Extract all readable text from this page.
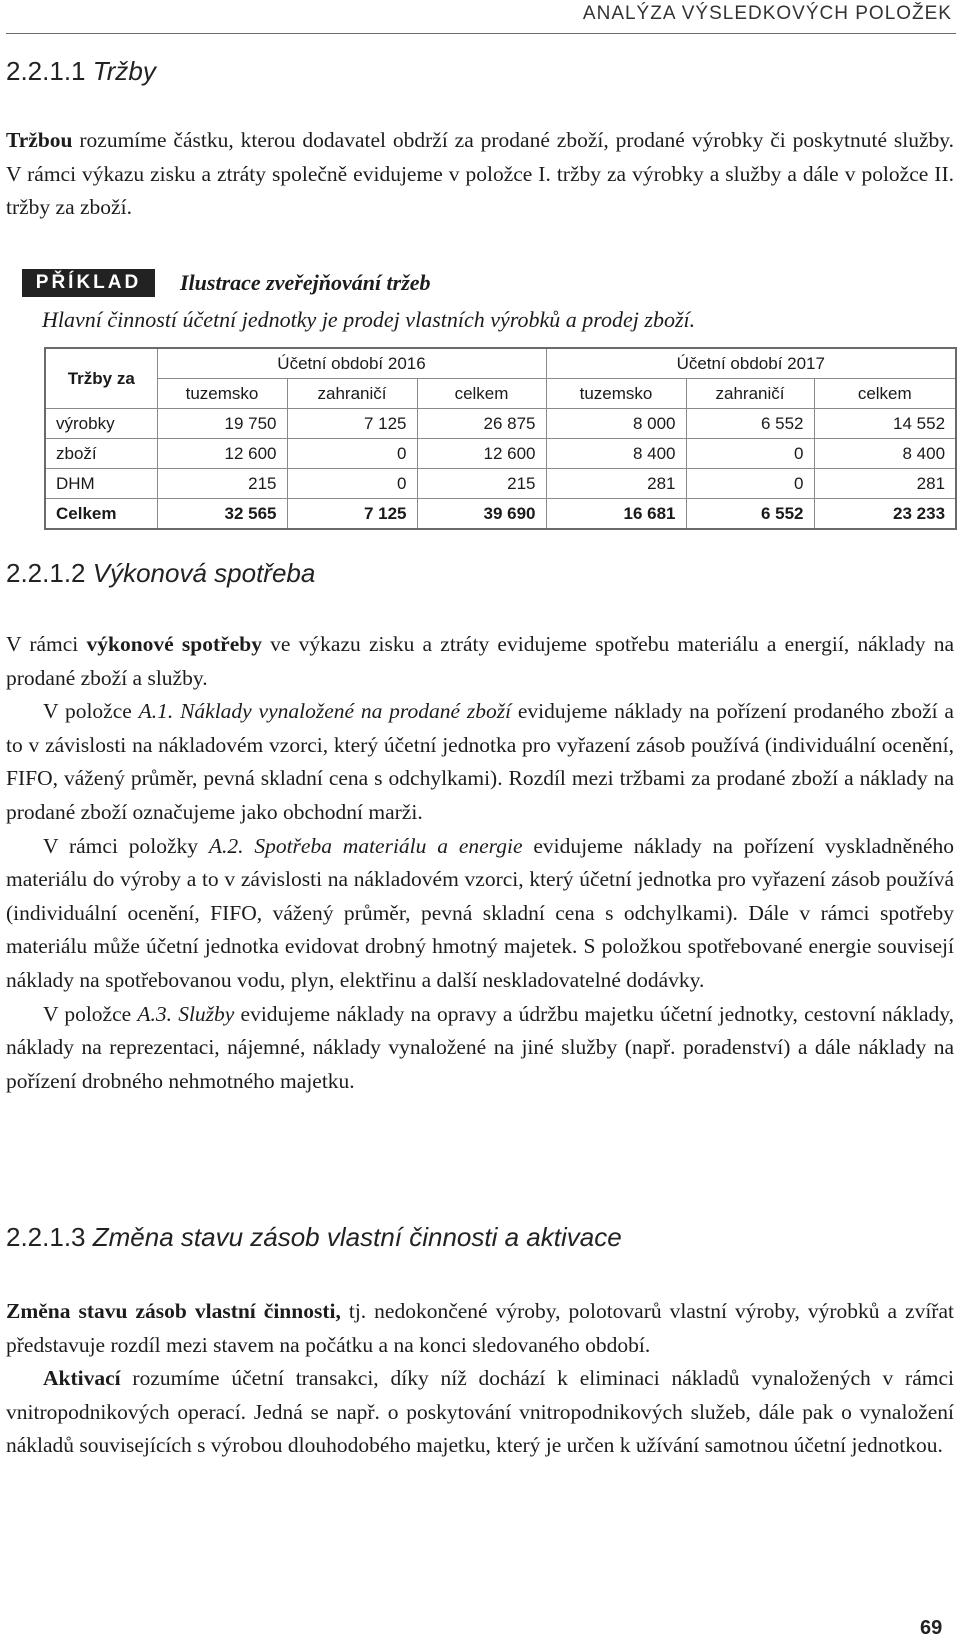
ANALÝZA VÝSLEDKOVÝCH POLOŽEK
2.2.1.1 Tržby

Tržbou rozumíme částku, kterou dodavatel obdrží za prodané zboží, prodané výrobky či poskytnuté služby. V rámci výkazu zisku a ztráty společně evidujeme v položce I. tržby za výrobky a služby a dále v položce II. tržby za zboží.

PŘÍKLAD	Ilustrace zveřejňování tržeb
Hlavní činností účetní jednotky je prodej vlastních výrobků a prodej zboží.
Tržby za	Účetní období 2016			Účetní období 2017		
	tuzemsko	zahraničí	celkem	tuzemsko	zahraničí	celkem
výrobky	19 750	7 125	26 875	8 000	6 552	14 552
zboží	12 600	0	12 600	8 400	0	8 400
DHM	215	0	215	281	0	281
Celkem	32 565	7 125	39 690	16 681	6 552	23 233
2.2.1.2 Výkonová spotřeba

V rámci výkonové spotřeby ve výkazu zisku a ztráty evidujeme spotřebu materiálu a energií, náklady na prodané zboží a služby.

V položce A.1. Náklady vynaložené na prodané zboží evidujeme náklady na pořízení prodaného zboží a to v závislosti na nákladovém vzorci, který účetní jednotka pro vyřazení zásob používá (individuální ocenění, FIFO, vážený průměr, pevná skladní cena s odchylkami). Rozdíl mezi tržbami za prodané zboží a náklady na prodané zboží označujeme jako obchodní marži.

V rámci položky A.2. Spotřeba materiálu a energie evidujeme náklady na pořízení vyskladněného materiálu do výroby a to v závislosti na nákladovém vzorci, který účetní jednotka pro vyřazení zásob používá (individuální ocenění, FIFO, vážený průměr, pevná skladní cena s odchylkami). Dále v rámci spotřeby materiálu může účetní jednotka evidovat drobný hmotný majetek. S položkou spotřebované energie souvisejí náklady na spotřebovanou vodu, plyn, elektřinu a další neskladovatelné dodávky.

V položce A.3. Služby evidujeme náklady na opravy a údržbu majetku účetní jednotky, cestovní náklady, náklady na reprezentaci, nájemné, náklady vynaložené na jiné služby (např. poradenství) a dále náklady na pořízení drobného nehmotného majetku.

2.2.1.3 Změna stavu zásob vlastní činnosti a aktivace

Změna stavu zásob vlastní činnosti, tj. nedokončené výroby, polotovarů vlastní výroby, výrobků a zvířat představuje rozdíl mezi stavem na počátku a na konci sledovaného období.

Aktivací rozumíme účetní transakci, díky níž dochází k eliminaci nákladů vynaložených v rámci vnitropodnikových operací. Jedná se např. o poskytování vnitropodnikových služeb, dále pak o vynaložení nákladů souvisejících s výrobou dlouhodobého majetku, který je určen k užívání samotnou účetní jednotkou.

69
